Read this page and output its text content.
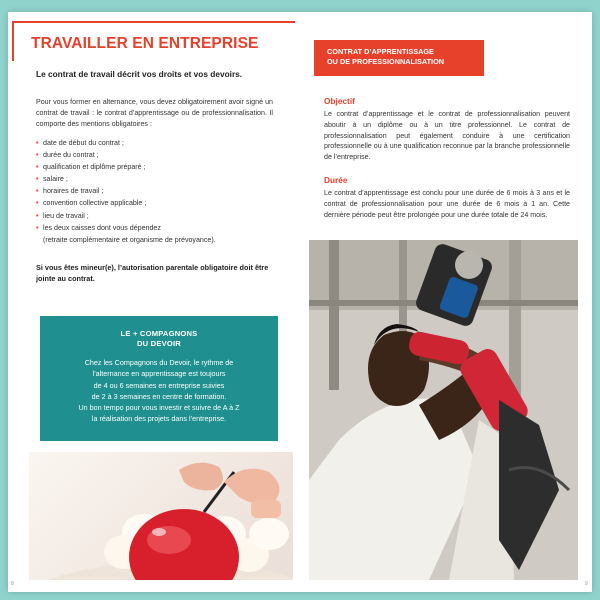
TRAVAILLER EN ENTREPRISE

Le contrat de travail décrit vos droits et vos devoirs.

Pour vous former en alternance, vous devez obligatoirement avoir signé un contrat de travail : le contrat d’apprentissage ou de professionnalisation. Il comporte des mentions obligatoires :

• date de début du contrat ;
• durée du contrat ;
• qualification et diplôme préparé ;
• salaire ;
• horaires de travail ;
• convention collective applicable ;
• lieu de travail ;
• les deux caisses dont vous dépendez
(retraite complémentaire et organisme de prévoyance).

Si vous êtes mineur(e), l’autorisation parentale obligatoire doit être jointe au contrat.

LE + COMPAGNONS
DU DEVOIR

Chez les Compagnons du Devoir, le rythme de
l’alternance en apprentissage est toujours
de 4 ou 6 semaines en entreprise suivies
de 2 à 3 semaines en centre de formation.
Un bon tempo pour vous investir et suivre de A à Z
la réalisation des projets dans l’entreprise.

8
CONTRAT D’APPRENTISSAGE
OU DE PROFESSIONNALISATION
Objectif

Le contrat d’apprentissage et le contrat de professionnalisation peuvent aboutir à un diplôme ou à un titre professionnel. Le contrat de professionnalisation peut également conduire à une certification professionnelle ou à une qualification reconnue par la branche professionnelle de l’entreprise.

Durée

Le contrat d’apprentissage est conclu pour une durée de 6 mois à 3 ans et le contrat de professionnalisation pour une durée de 6 mois à 1 an. Cette dernière période peut être prolongée pour une durée totale de 24 mois.

9
